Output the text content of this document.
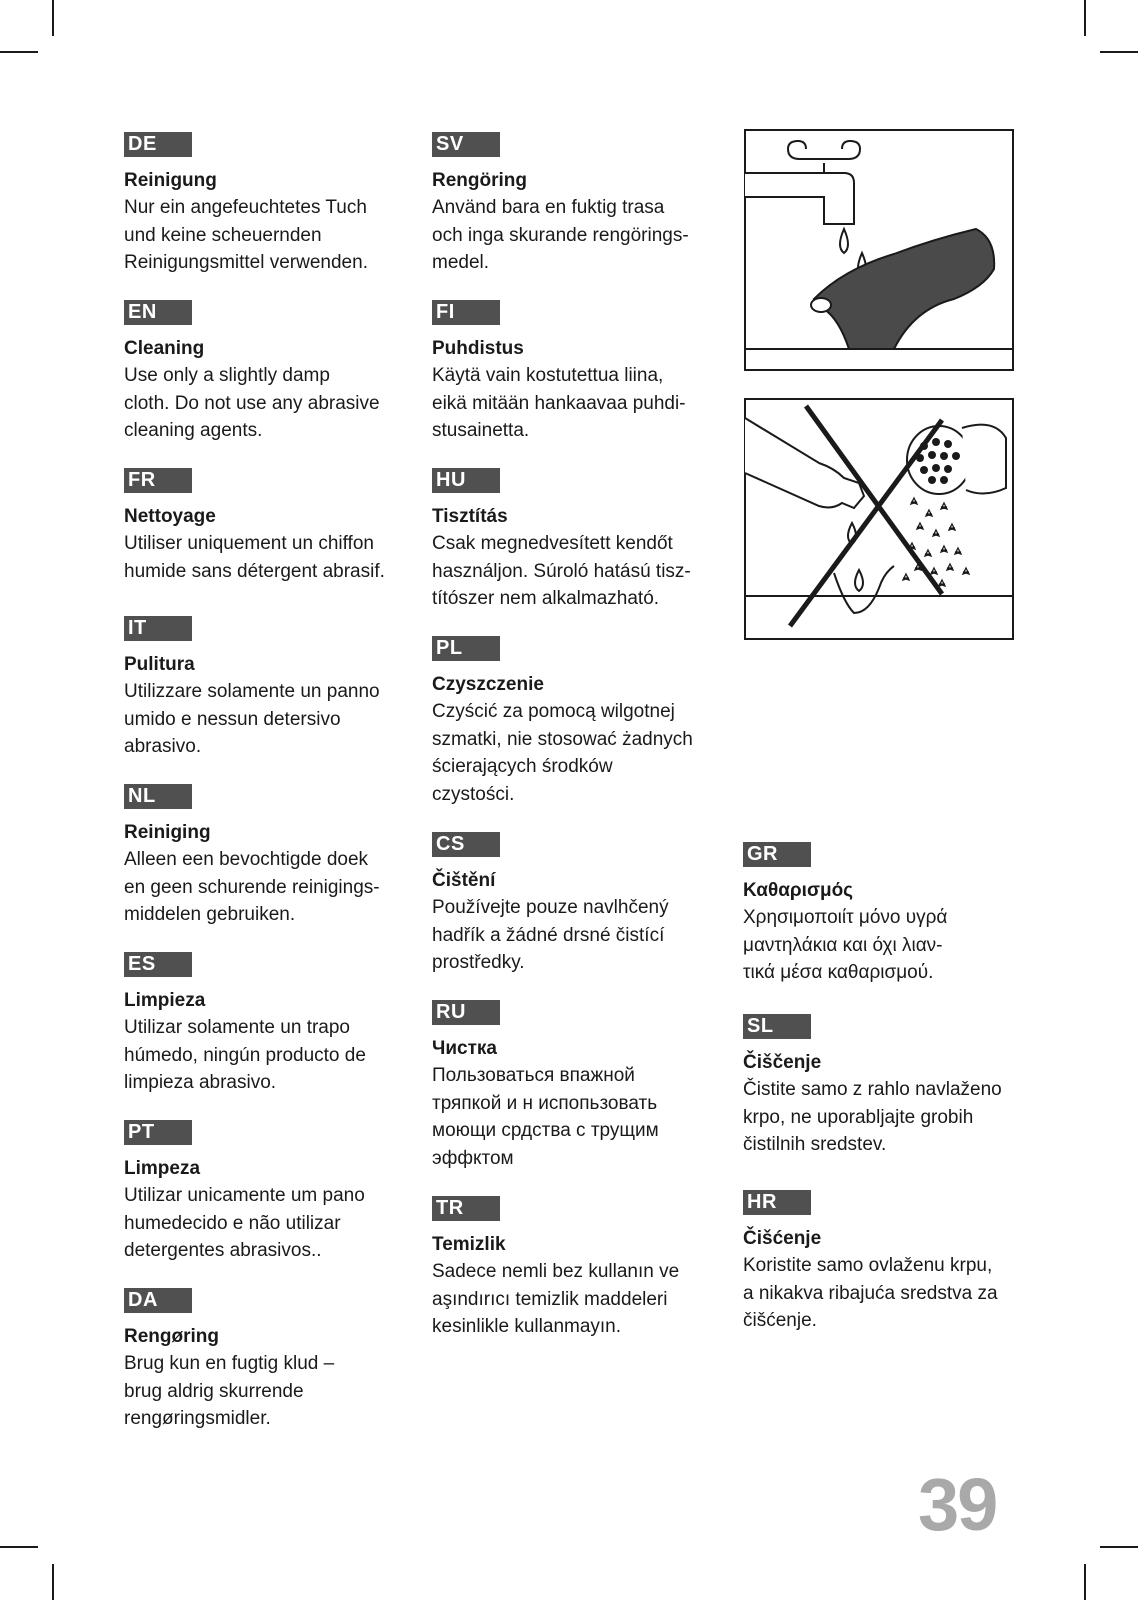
DE
Reinigung
Nur ein angefeuchtetes Tuch
und keine scheuernden
Reinigungsmittel verwenden.
EN
Cleaning
Use only a slightly damp
cloth. Do not use any abrasive
cleaning agents.
FR
Nettoyage
Utiliser uniquement un chiffon
humide sans détergent abrasif.
IT
Pulitura
Utilizzare solamente un panno
umido e nessun detersivo
abrasivo.
NL
Reiniging
Alleen een bevochtigde doek
en geen schurende reinigings-
middelen gebruiken.
ES
Limpieza
Utilizar solamente un trapo
húmedo, ningún producto de
limpieza abrasivo.
PT
Limpeza
Utilizar unicamente um pano
humedecido e não utilizar
detergentes abrasivos..
DA
Rengøring
Brug kun en fugtig klud –
brug aldrig skurrende
rengøringsmidler.
SV
Rengöring
Använd bara en fuktig trasa
och inga skurande rengörings-
medel.
FI
Puhdistus
Käytä vain kostutettua liina,
eikä mitään hankaavaa puhdi-
stusainetta.
HU
Tisztítás
Csak megnedvesített kendőt
használjon. Súroló hatású tisz-
títószer nem alkalmazható.
PL
Czyszczenie
Czyścić za pomocą wilgotnej
szmatki, nie stosować żadnych
ścierających środków
czystości.
CS
Čištění
Používejte pouze navlhčený
hadřík a žádné drsné čistící
prostředky.
RU
Чистка
Пользоваться впажной
тряпкой и н испопьзовать
моющи срдства с трущим
эффктом
TR
Temizlik
Sadece nemli bez kullanın ve
aşındırıcı temizlik maddeleri
kesinlikle kullanmayın.
GR
Καθαρισμός
Χρησιμοποιίτ μόνο υγρά
μαντηλάκια και όχι λιαν-
τικά μέσα καθαρισμού.
SL
Čiščenje
Čistite samo z rahlo navlaženo
krpo, ne uporabljajte grobih
čistilnih sredstev.
HR
Čišćenje
Koristite samo ovlaženu krpu,
a nikakva ribajuća sredstva za
čišćenje.
39
